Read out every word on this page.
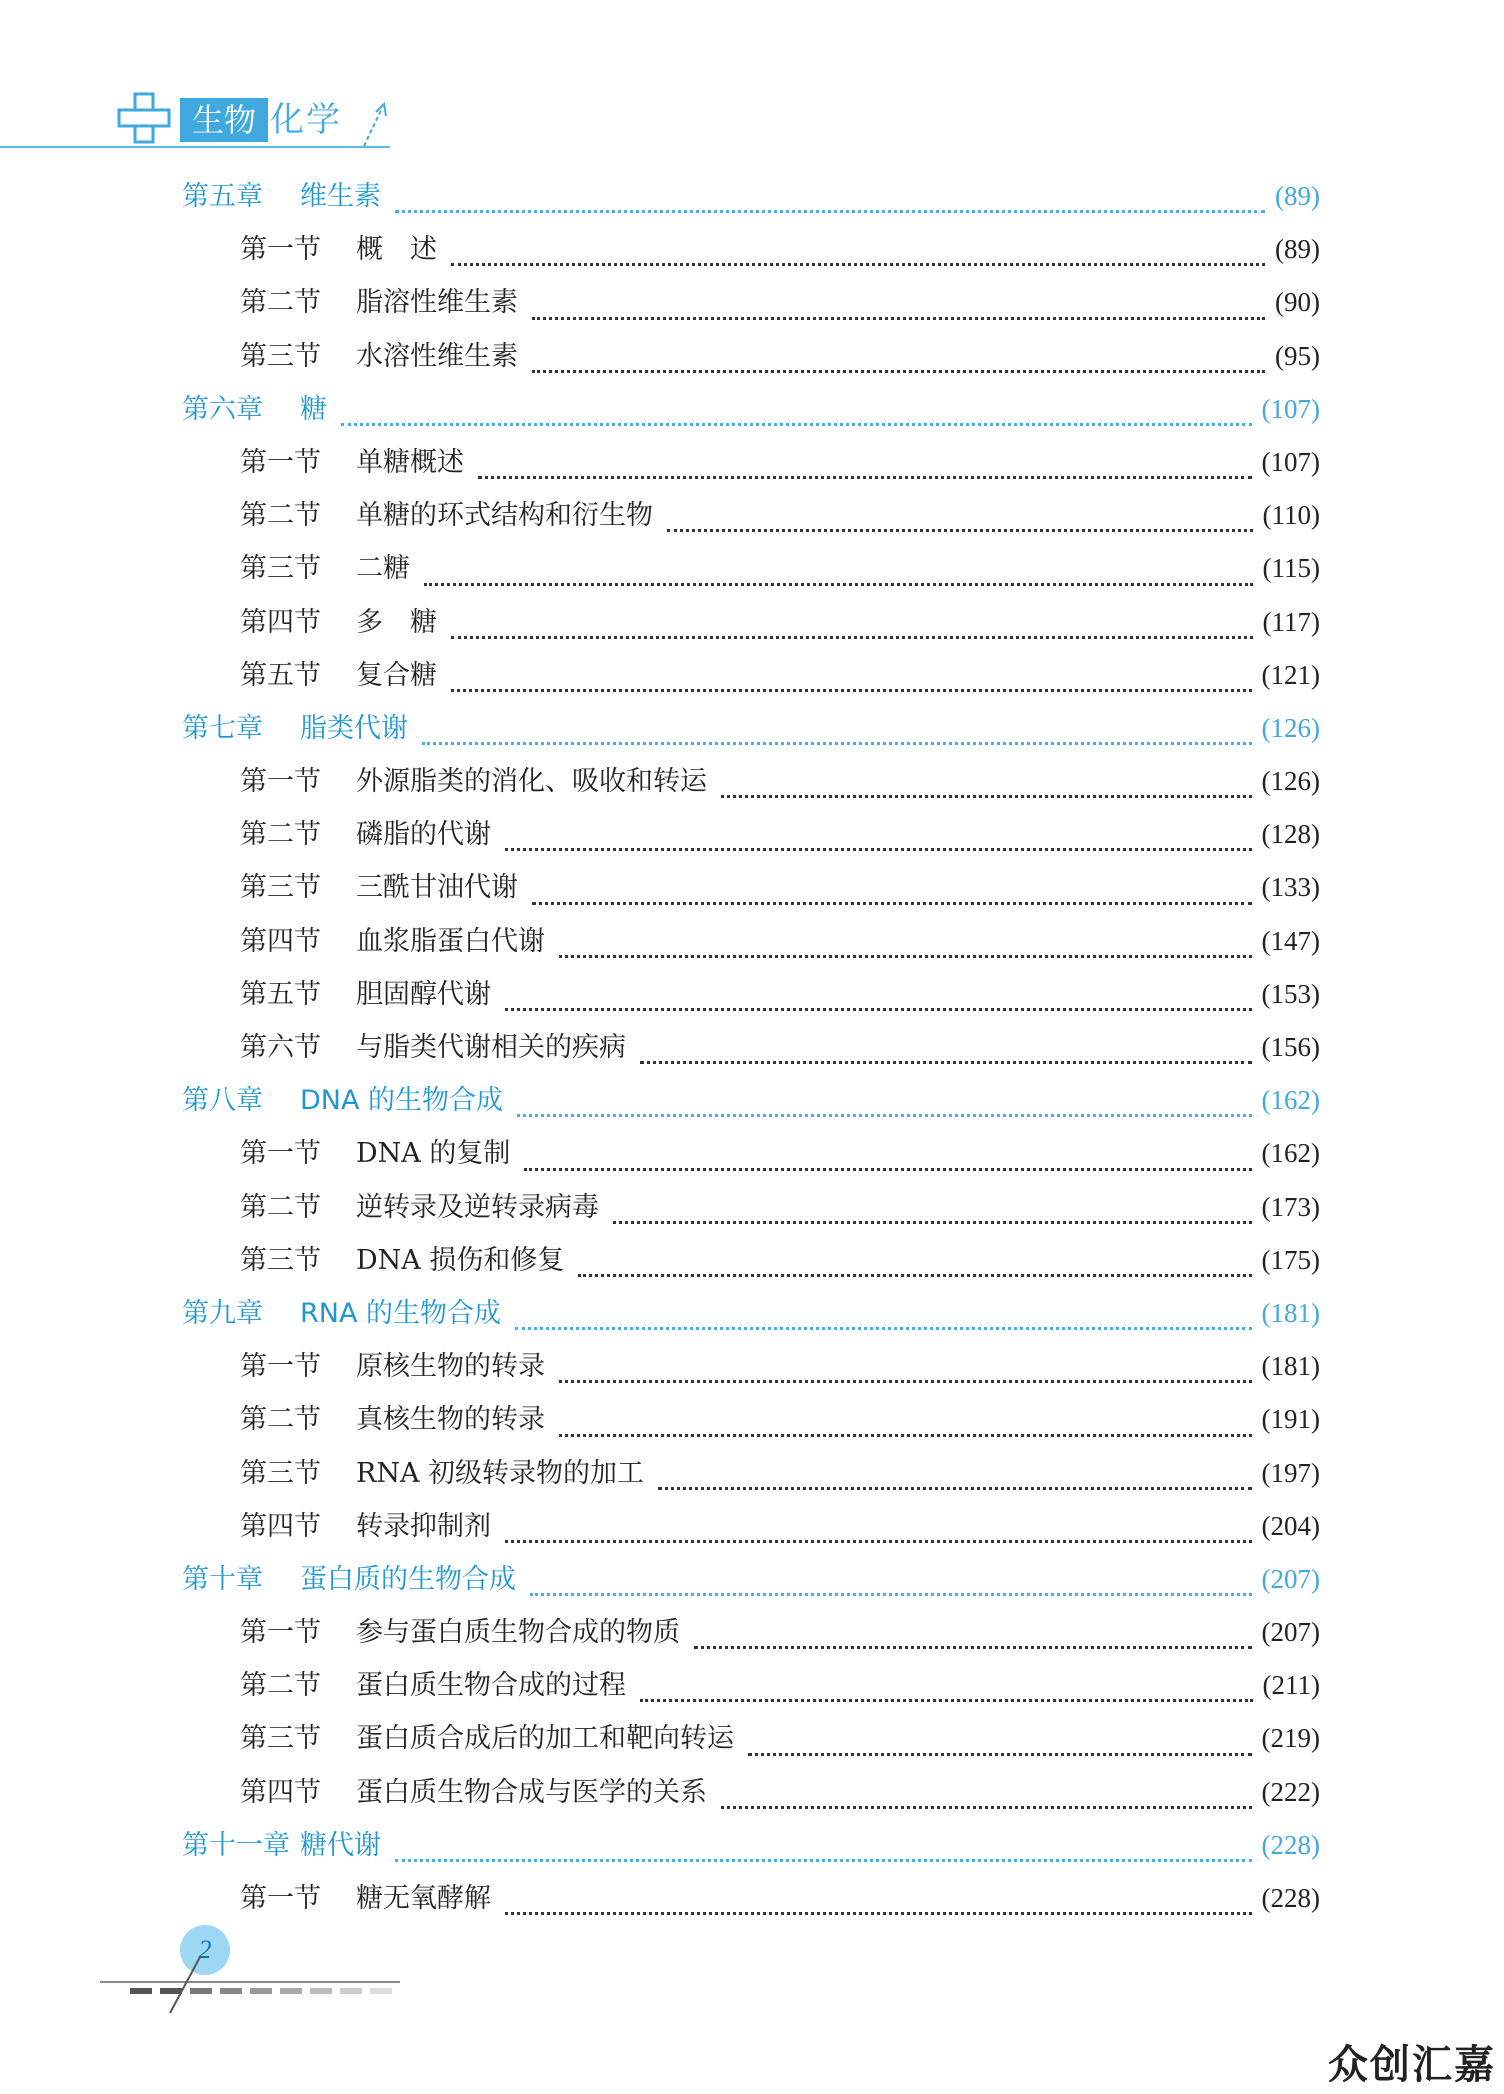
生物 化学
第五章	维生素	(89)
第一节	概　述	(89)
第二节	脂溶性维生素	(90)
第三节	水溶性维生素	(95)
第六章	糖	(107)
第一节	单糖概述	(107)
第二节	单糖的环式结构和衍生物	(110)
第三节	二糖	(115)
第四节	多　糖	(117)
第五节	复合糖	(121)
第七章	脂类代谢	(126)
第一节	外源脂类的消化、吸收和转运	(126)
第二节	磷脂的代谢	(128)
第三节	三酰甘油代谢	(133)
第四节	血浆脂蛋白代谢	(147)
第五节	胆固醇代谢	(153)
第六节	与脂类代谢相关的疾病	(156)
第八章	DNA 的生物合成	(162)
第一节	DNA 的复制	(162)
第二节	逆转录及逆转录病毒	(173)
第三节	DNA 损伤和修复	(175)
第九章	RNA 的生物合成	(181)
第一节	原核生物的转录	(181)
第二节	真核生物的转录	(191)
第三节	RNA 初级转录物的加工	(197)
第四节	转录抑制剂	(204)
第十章	蛋白质的生物合成	(207)
第一节	参与蛋白质生物合成的物质	(207)
第二节	蛋白质生物合成的过程	(211)
第三节	蛋白质合成后的加工和靶向转运	(219)
第四节	蛋白质生物合成与医学的关系	(222)
第十一章 糖代谢	(228)
第一节	糖无氧酵解	(228)
2
众创汇嘉
